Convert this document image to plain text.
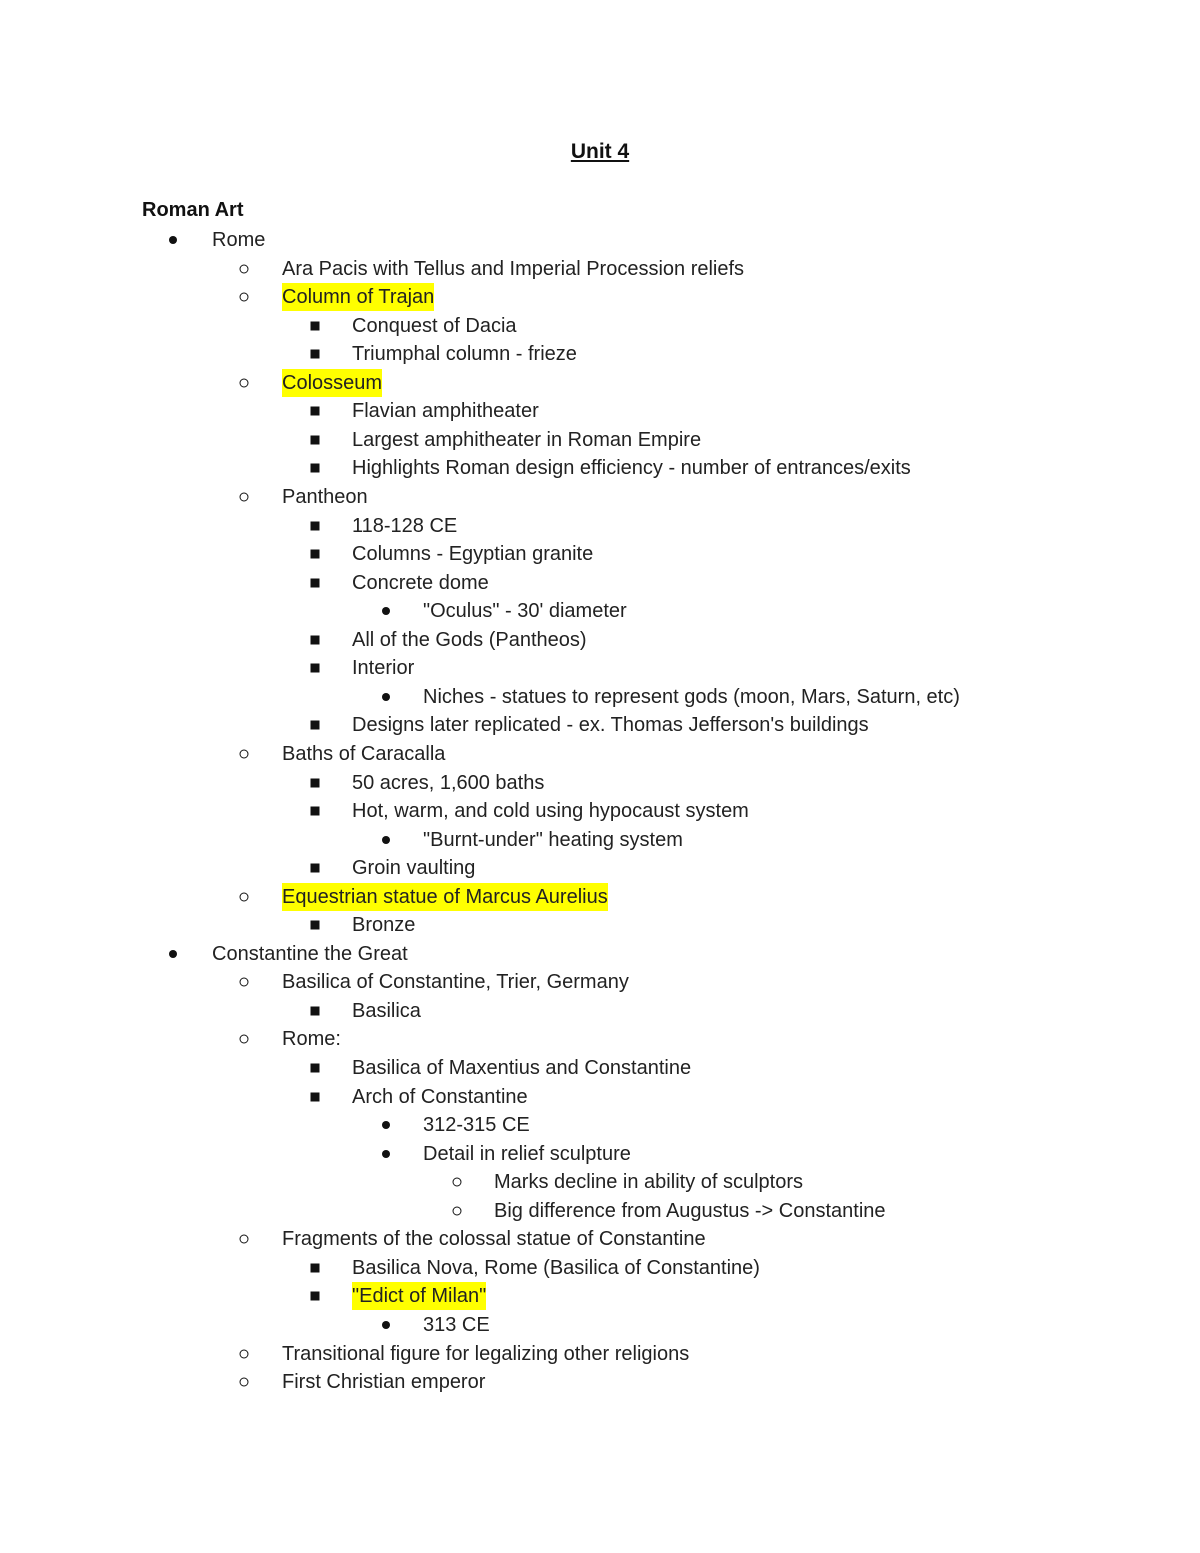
Unit 4
Roman Art
Rome
Ara Pacis with Tellus and Imperial Procession reliefs
Column of Trajan
Conquest of Dacia
Triumphal column - frieze
Colosseum
Flavian amphitheater
Largest amphitheater in Roman Empire
Highlights Roman design efficiency - number of entrances/exits
Pantheon
118-128 CE
Columns - Egyptian granite
Concrete dome
"Oculus" - 30' diameter
All of the Gods (Pantheos)
Interior
Niches - statues to represent gods (moon, Mars, Saturn, etc)
Designs later replicated - ex. Thomas Jefferson's buildings
Baths of Caracalla
50 acres, 1,600 baths
Hot, warm, and cold using hypocaust system
"Burnt-under" heating system
Groin vaulting
Equestrian statue of Marcus Aurelius
Bronze
Constantine the Great
Basilica of Constantine, Trier, Germany
Basilica
Rome:
Basilica of Maxentius and Constantine
Arch of Constantine
312-315 CE
Detail in relief sculpture
Marks decline in ability of sculptors
Big difference from Augustus -> Constantine
Fragments of the colossal statue of Constantine
Basilica Nova, Rome (Basilica of Constantine)
"Edict of Milan"
313 CE
Transitional figure for legalizing other religions
First Christian emperor
